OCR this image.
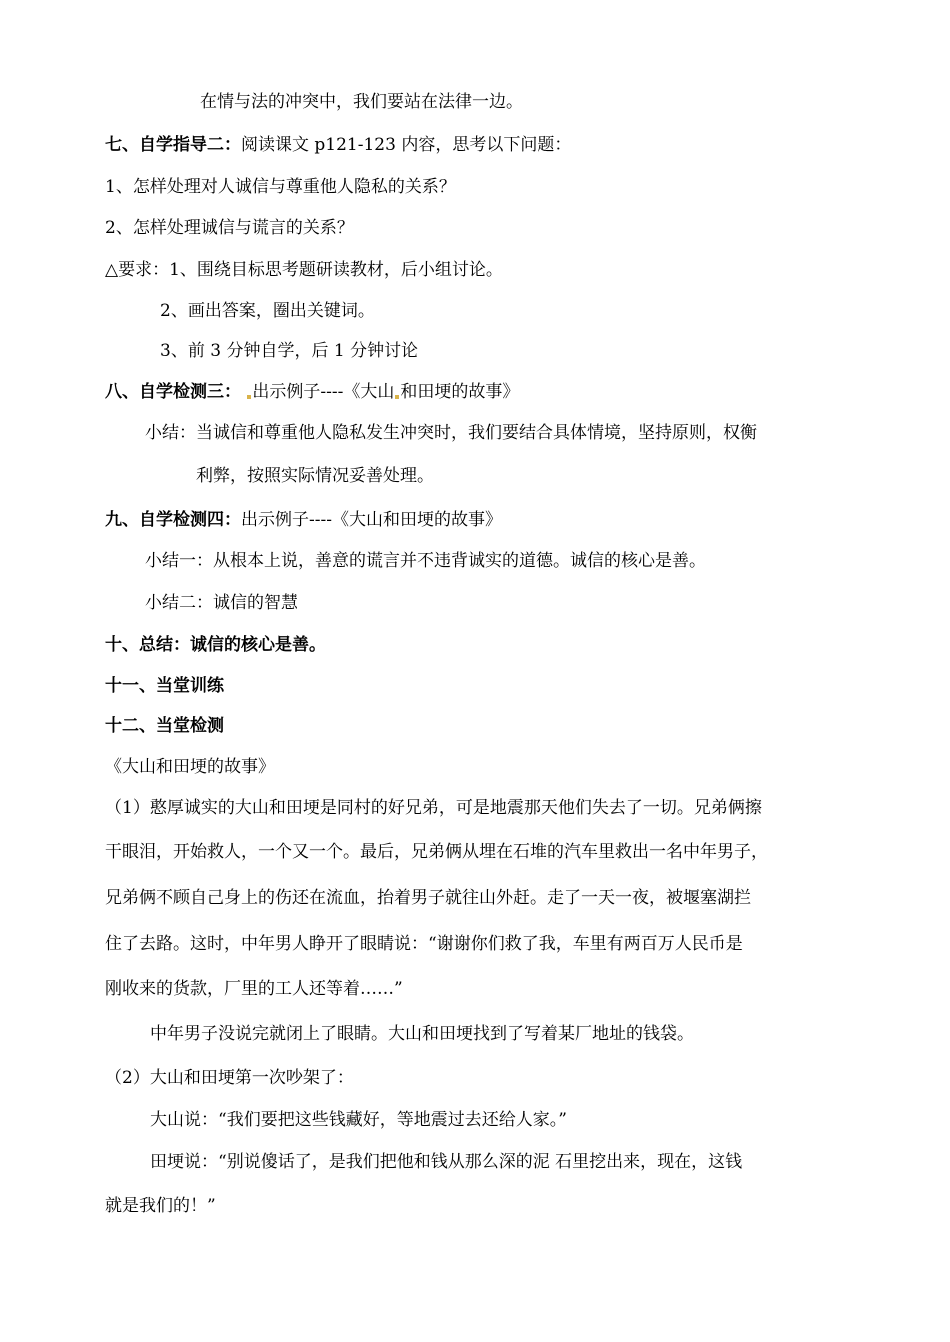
在情与法的冲突中，我们要站在法律一边。
七、自学指导二：阅读课文 p121-123 内容，思考以下问题：
1、怎样处理对人诚信与尊重他人隐私的关系？
2、怎样处理诚信与谎言的关系？
△要求：1、围绕目标思考题研读教材，后小组讨论。
2、画出答案，圈出关键词。
3、前 3 分钟自学，后 1 分钟讨论
八、自学检测三： 出示例子----《大山 和田埂的故事》
小结：当诚信和尊重他人隐私发生冲突时，我们要结合具体情境，坚持原则，权衡
利弊，按照实际情况妥善处理。
九、自学检测四：出示例子----《大山和田埂的故事》
小结一：从根本上说，善意的谎言并不违背诚实的道德。诚信的核心是善。
小结二：诚信的智慧
十、总结：诚信的核心是善。
十一、当堂训练
十二、当堂检测
《大山和田埂的故事》
（1）憨厚诚实的大山和田埂是同村的好兄弟，可是地震那天他们失去了一切。兄弟俩擦
干眼泪，开始救人，一个又一个。最后，兄弟俩从埋在石堆的汽车里救出一名中年男子，
兄弟俩不顾自己身上的伤还在流血，抬着男子就往山外赶。走了一天一夜，被堰塞湖拦
住了去路。这时，中年男人睁开了眼睛说：“谢谢你们救了我，车里有两百万人民币是
刚收来的货款，厂里的工人还等着……”
中年男子没说完就闭上了眼睛。大山和田埂找到了写着某厂地址的钱袋。
（2）大山和田埂第一次吵架了：
大山说：“我们要把这些钱藏好，等地震过去还给人家。”
田埂说：“别说傻话了，是我们把他和钱从那么深的泥 石里挖出来，现在，这钱
就是我们的！”
